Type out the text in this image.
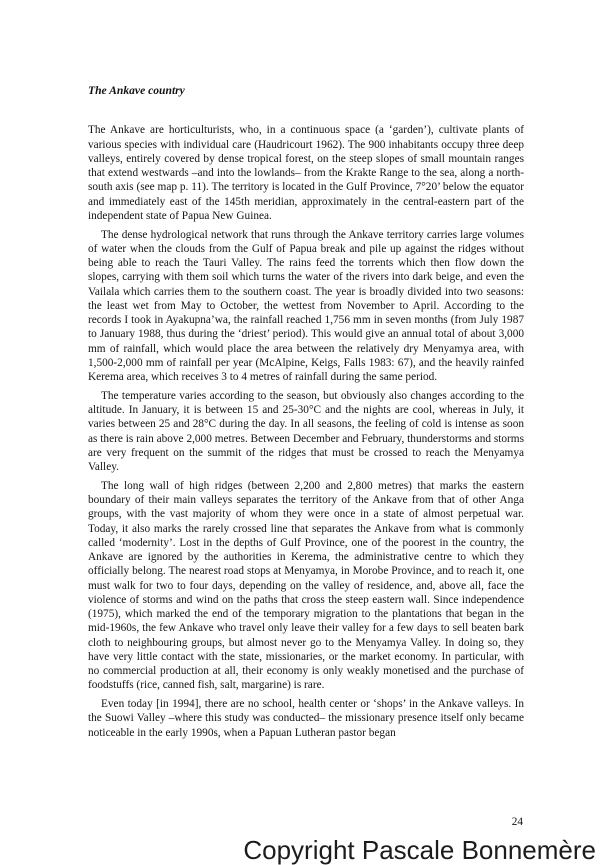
The Ankave country

The Ankave are horticulturists, who, in a continuous space (a ‘garden’), cultivate plants of various species with individual care (Haudricourt 1962). The 900 inhabitants occupy three deep valleys, entirely covered by dense tropical forest, on the steep slopes of small mountain ranges that extend westwards –and into the lowlands– from the Krakte Range to the sea, along a north-south axis (see map p. 11). The territory is located in the Gulf Province, 7°20’ below the equator and immediately east of the 145th meridian, approximately in the central-eastern part of the independent state of Papua New Guinea.

The dense hydrological network that runs through the Ankave territory carries large volumes of water when the clouds from the Gulf of Papua break and pile up against the ridges without being able to reach the Tauri Valley. The rains feed the torrents which then flow down the slopes, carrying with them soil which turns the water of the rivers into dark beige, and even the Vailala which carries them to the southern coast. The year is broadly divided into two seasons: the least wet from May to October, the wettest from November to April. According to the records I took in Ayakupna’wa, the rainfall reached 1,756 mm in seven months (from July 1987 to January 1988, thus during the ‘driest’ period). This would give an annual total of about 3,000 mm of rainfall, which would place the area between the relatively dry Menyamya area, with 1,500-2,000 mm of rainfall per year (McAlpine, Keigs, Falls 1983: 67), and the heavily rainfed Kerema area, which receives 3 to 4 metres of rainfall during the same period.

The temperature varies according to the season, but obviously also changes according to the altitude. In January, it is between 15 and 25-30°C and the nights are cool, whereas in July, it varies between 25 and 28°C during the day. In all seasons, the feeling of cold is intense as soon as there is rain above 2,000 metres. Between December and February, thunderstorms and storms are very frequent on the summit of the ridges that must be crossed to reach the Menyamya Valley.

The long wall of high ridges (between 2,200 and 2,800 metres) that marks the eastern boundary of their main valleys separates the territory of the Ankave from that of other Anga groups, with the vast majority of whom they were once in a state of almost perpetual war. Today, it also marks the rarely crossed line that separates the Ankave from what is commonly called ‘modernity’. Lost in the depths of Gulf Province, one of the poorest in the country, the Ankave are ignored by the authorities in Kerema, the administrative centre to which they officially belong. The nearest road stops at Menyamya, in Morobe Province, and to reach it, one must walk for two to four days, depending on the valley of residence, and, above all, face the violence of storms and wind on the paths that cross the steep eastern wall. Since independence (1975), which marked the end of the temporary migration to the plantations that began in the mid-1960s, the few Ankave who travel only leave their valley for a few days to sell beaten bark cloth to neighbouring groups, but almost never go to the Menyamya Valley. In doing so, they have very little contact with the state, missionaries, or the market economy. In particular, with no commercial production at all, their economy is only weakly monetised and the purchase of foodstuffs (rice, canned fish, salt, margarine) is rare.

Even today [in 1994], there are no school, health center or ‘shops’ in the Ankave valleys. In the Suowi Valley –where this study was conducted– the missionary presence itself only became noticeable in the early 1990s, when a Papuan Lutheran pastor began

24
Copyright Pascale Bonnemère
